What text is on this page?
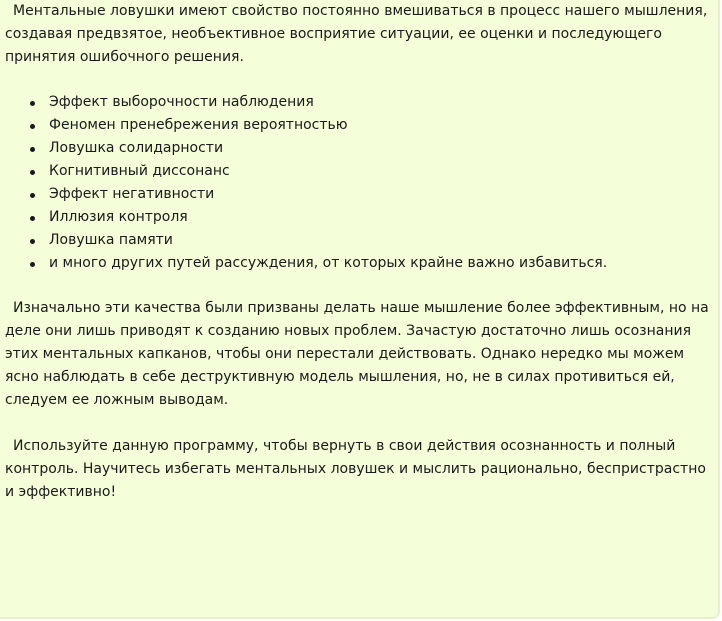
Ментальные ловушки имеют свойство постоянно вмешиваться в процесс нашего мышления, создавая предвзятое, необъективное восприятие ситуации, ее оценки и последующего принятия ошибочного решения.

Эффект выборочности наблюдения
Феномен пренебрежения вероятностью
Ловушка солидарности
Когнитивный диссонанс
Эффект негативности
Иллюзия контроля
Ловушка памяти
и много других путей рассуждения, от которых крайне важно избавиться.

Изначально эти качества были призваны делать наше мышление более эффективным, но на деле они лишь приводят к созданию новых проблем. Зачастую достаточно лишь осознания этих ментальных капканов, чтобы они перестали действовать. Однако нередко мы можем ясно наблюдать в себе деструктивную модель мышления, но, не в силах противиться ей, следуем ее ложным выводам.

Используйте данную программу, чтобы вернуть в свои действия осознанность и полный контроль. Научитесь избегать ментальных ловушек и мыслить рационально, беспристрастно и эффективно!
